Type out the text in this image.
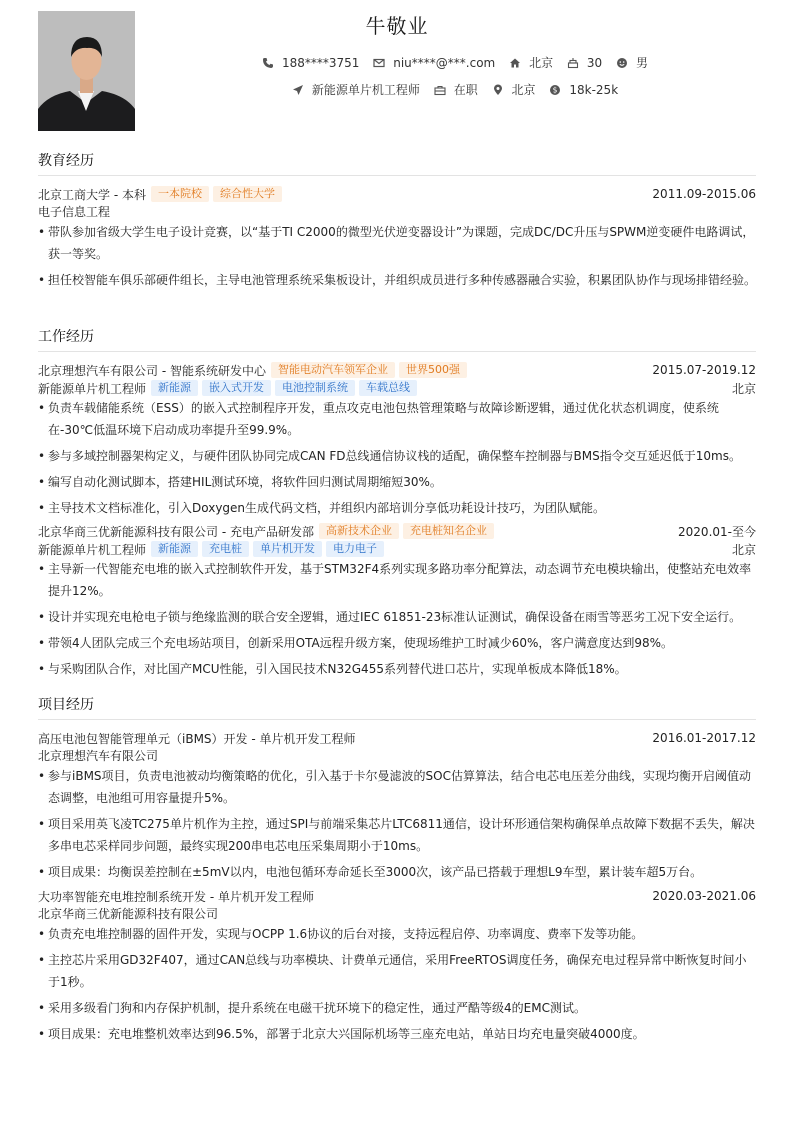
牛敬业
188****3751
	niu****@***.com
	北京
	30
	男
新能源单片机工程师
	在职
	北京
$ 18k-25k
教育经历
北京工商大学 - 本科	一本院校	综合性大学	2011.09-2015.06
电子信息工程
• 带队参加省级大学生电子设计竞赛，以“基于TI C2000的微型光伏逆变器设计”为课题，完成DC/DC升压与SPWM逆变硬件电路调试，获一等奖。
• 担任校智能车俱乐部硬件组长，主导电池管理系统采集板设计，并组织成员进行多种传感器融合实验，积累团队协作与现场排错经验。
工作经历
北京理想汽车有限公司 - 智能系统研发中心	智能电动汽车领军企业	世界500强	2015.07-2019.12
新能源单片机工程师	新能源	嵌入式开发	电池控制系统	车载总线	北京
• 负责车载储能系统（ESS）的嵌入式控制程序开发，重点攻克电池包热管理策略与故障诊断逻辑，通过优化状态机调度，使系统在-30℃低温环境下启动成功率提升至99.9%。
• 参与多域控制器架构定义，与硬件团队协同完成CAN FD总线通信协议栈的适配，确保整车控制器与BMS指令交互延迟低于10ms。
• 编写自动化测试脚本，搭建HIL测试环境，将软件回归测试周期缩短30%。
• 主导技术文档标准化，引入Doxygen生成代码文档，并组织内部培训分享低功耗设计技巧，为团队赋能。
北京华商三优新能源科技有限公司 - 充电产品研发部	高新技术企业	充电桩知名企业	2020.01-至今
新能源单片机工程师	新能源	充电桩	单片机开发	电力电子	北京
• 主导新一代智能充电堆的嵌入式控制软件开发，基于STM32F4系列实现多路功率分配算法，动态调节充电模块输出，使整站充电效率提升12%。
• 设计并实现充电枪电子锁与绝缘监测的联合安全逻辑，通过IEC 61851-23标准认证测试，确保设备在雨雪等恶劣工况下安全运行。
• 带领4人团队完成三个充电场站项目，创新采用OTA远程升级方案，使现场维护工时减少60%，客户满意度达到98%。
• 与采购团队合作，对比国产MCU性能，引入国民技术N32G455系列替代进口芯片，实现单板成本降低18%。
项目经历
高压电池包智能管理单元（iBMS）开发 - 单片机开发工程师	2016.01-2017.12
北京理想汽车有限公司
• 参与iBMS项目，负责电池被动均衡策略的优化，引入基于卡尔曼滤波的SOC估算算法，结合电芯电压差分曲线，实现均衡开启阈值动态调整，电池组可用容量提升5%。
• 项目采用英飞凌TC275单片机作为主控，通过SPI与前端采集芯片LTC6811通信，设计环形通信架构确保单点故障下数据不丢失，解决多串电芯采样同步问题，最终实现200串电芯电压采集周期小于10ms。
• 项目成果：均衡误差控制在±5mV以内，电池包循环寿命延长至3000次，该产品已搭载于理想L9车型，累计装车超5万台。
大功率智能充电堆控制系统开发 - 单片机开发工程师	2020.03-2021.06
北京华商三优新能源科技有限公司
• 负责充电堆控制器的固件开发，实现与OCPP 1.6协议的后台对接，支持远程启停、功率调度、费率下发等功能。
• 主控芯片采用GD32F407，通过CAN总线与功率模块、计费单元通信，采用FreeRTOS调度任务，确保充电过程异常中断恢复时间小于1秒。
• 采用多级看门狗和内存保护机制，提升系统在电磁干扰环境下的稳定性，通过严酷等级4的EMC测试。
• 项目成果：充电堆整机效率达到96.5%，部署于北京大兴国际机场等三座充电站，单站日均充电量突破4000度。
